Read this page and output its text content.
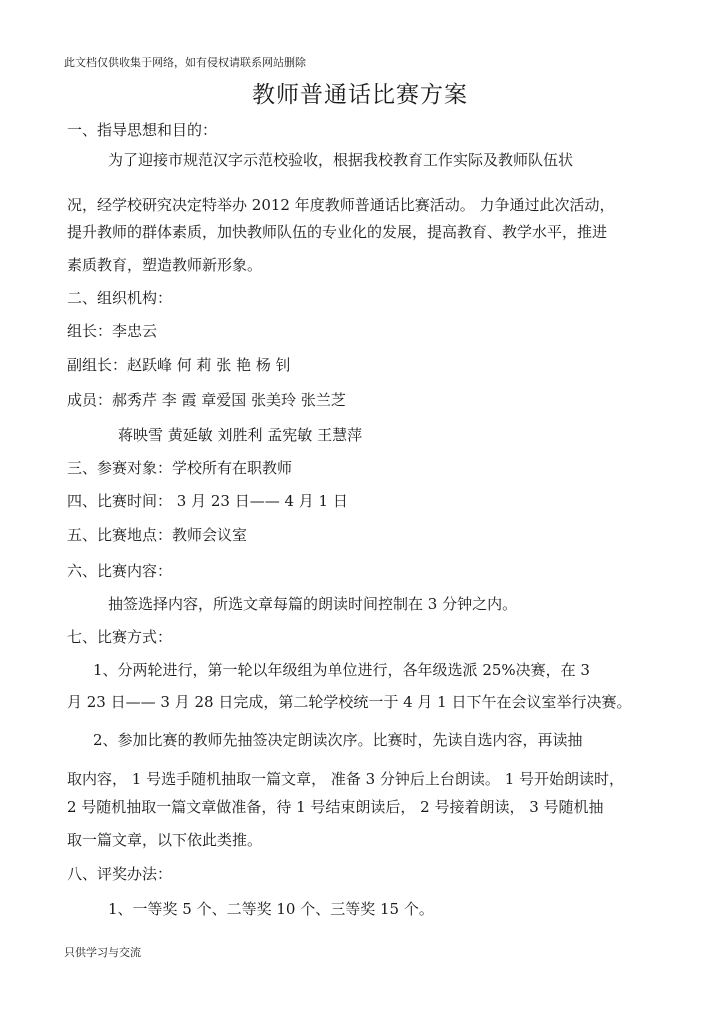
此文档仅供收集于网络，如有侵权请联系网站删除
教师普通话比赛方案
一、指导思想和目的：
为了迎接市规范汉字示范校验收，根据我校教育工作实际及教师队伍状
况，经学校研究决定特举办 2012 年度教师普通话比赛活动。 力争通过此次活动，
提升教师的群体素质，加快教师队伍的专业化的发展，提高教育、教学水平，推进
素质教育，塑造教师新形象。
二、组织机构：
组长：李忠云
副组长：赵跃峰 何 莉 张 艳 杨 钊
成员：郝秀芹 李 霞 章爱国 张美玲 张兰芝
蒋映雪 黄延敏 刘胜利 孟宪敏 王慧萍
三、参赛对象：学校所有在职教师
四、比赛时间： 3 月 23 日—— 4 月 1 日
五、比赛地点：教师会议室
六、比赛内容：
抽签选择内容，所选文章每篇的朗读时间控制在 3 分钟之内。
七、比赛方式：
1、分两轮进行，第一轮以年级组为单位进行，各年级选派 25%决赛，在 3
月 23 日—— 3 月 28 日完成，第二轮学校统一于 4 月 1 日下午在会议室举行决赛。
2、参加比赛的教师先抽签决定朗读次序。比赛时，先读自选内容，再读抽
取内容， 1 号选手随机抽取一篇文章， 准备 3 分钟后上台朗读。 1 号开始朗读时，
2 号随机抽取一篇文章做准备，待 1 号结束朗读后， 2 号接着朗读， 3 号随机抽
取一篇文章，以下依此类推。
八、评奖办法：
1、一等奖 5 个、二等奖 10 个、三等奖 15 个。
只供学习与交流
